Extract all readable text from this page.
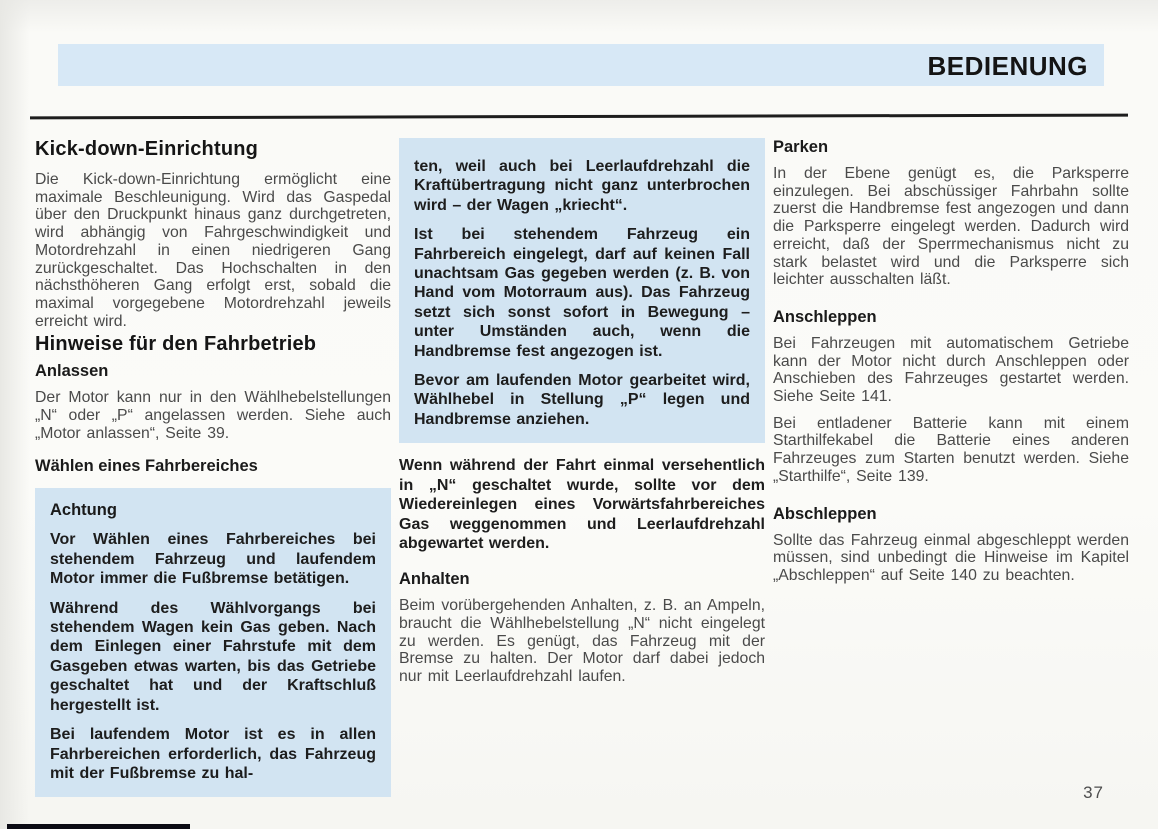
BEDIENUNG
Kick-down-Einrichtung

Die Kick-down-Einrichtung ermöglicht eine maximale Beschleunigung. Wird das Gaspedal über den Druckpunkt hinaus ganz durchgetreten, wird abhängig von Fahrgeschwindigkeit und Motordrehzahl in einen niedrigeren Gang zurückgeschaltet. Das Hochschalten in den nächsthöheren Gang erfolgt erst, sobald die maximal vorgegebene Motordrehzahl jeweils erreicht wird.

Hinweise für den Fahrbetrieb
Anlassen

Der Motor kann nur in den Wählhebelstellungen „N“ oder „P“ angelassen werden. Siehe auch „Motor anlassen“, Seite 39.

Wählen eines Fahrbereiches
Achtung

Vor Wählen eines Fahrbereiches bei stehendem Fahrzeug und laufendem Motor immer die Fußbremse betätigen.

Während des Wählvorgangs bei stehendem Wagen kein Gas geben. Nach dem Einlegen einer Fahrstufe mit dem Gasgeben etwas warten, bis das Getriebe geschaltet hat und der Kraftschluß hergestellt ist.

Bei laufendem Motor ist es in allen Fahrbereichen erforderlich, das Fahrzeug mit der Fußbremse zu hal-

ten, weil auch bei Leerlaufdrehzahl die Kraftübertragung nicht ganz unterbrochen wird – der Wagen „kriecht“.

Ist bei stehendem Fahrzeug ein Fahrbereich eingelegt, darf auf keinen Fall unachtsam Gas gegeben werden (z. B. von Hand vom Motorraum aus). Das Fahrzeug setzt sich sonst sofort in Bewegung – unter Umständen auch, wenn die Handbremse fest angezogen ist.

Bevor am laufenden Motor gearbeitet wird, Wählhebel in Stellung „P“ legen und Handbremse anziehen.

Wenn während der Fahrt einmal versehentlich in „N“ geschaltet wurde, sollte vor dem Wiedereinlegen eines Vorwärtsfahrbereiches Gas weggenommen und Leerlaufdrehzahl abgewartet werden.

Anhalten

Beim vorübergehenden Anhalten, z. B. an Ampeln, braucht die Wählhebelstellung „N“ nicht eingelegt zu werden. Es genügt, das Fahrzeug mit der Bremse zu halten. Der Motor darf dabei jedoch nur mit Leerlaufdrehzahl laufen.

Parken

In der Ebene genügt es, die Parksperre einzulegen. Bei abschüssiger Fahrbahn sollte zuerst die Handbremse fest angezogen und dann die Parksperre eingelegt werden. Dadurch wird erreicht, daß der Sperrmechanismus nicht zu stark belastet wird und die Parksperre sich leichter ausschalten läßt.

Anschleppen

Bei Fahrzeugen mit automatischem Getriebe kann der Motor nicht durch Anschleppen oder Anschieben des Fahrzeuges gestartet werden. Siehe Seite 141.

Bei entladener Batterie kann mit einem Starthilfekabel die Batterie eines anderen Fahrzeuges zum Starten benutzt werden. Siehe „Starthilfe“, Seite 139.

Abschleppen

Sollte das Fahrzeug einmal abgeschleppt werden müssen, sind unbedingt die Hinweise im Kapitel „Abschleppen“ auf Seite 140 zu beachten.

37
